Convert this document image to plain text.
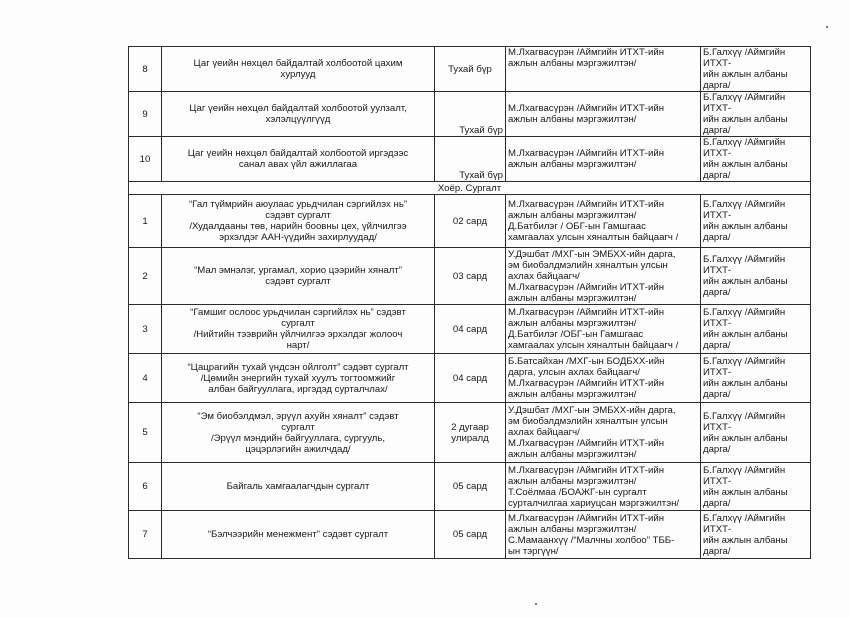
8	Цаг үеийн нөхцөл байдалтай холбоотой цахим
хурлууд	Тухай бүр	М.Лхагвасүрэн /Аймгийн ИТХТ-ийн
ажлын албаны мэргэжилтэн/	Б.Галхүү /Аймгийн ИТХТ-
ийн ажлын албаны дарга/

9	Цаг үеийн нөхцөл байдалтай холбоотой уулзалт,
хэлэлцүүлгүүд	Тухай бүр	М.Лхагвасүрэн /Аймгийн ИТХТ-ийн
ажлын албаны мэргэжилтэн/	Б.Галхүү /Аймгийн ИТХТ-
ийн ажлын албаны дарга/

10	Цаг үеийн нөхцөл байдалтай холбоотой иргэдээс
санал авах үйл ажиллагаа	Тухай бүр	М.Лхагвасүрэн /Аймгийн ИТХТ-ийн
ажлын албаны мэргэжилтэн/	Б.Галхүү /Аймгийн ИТХТ-
ийн ажлын албаны дарга/

Хоёр. Сургалт				
1	“Гал түймрийн аюулаас урьдчилан сэргийлэх нь”
сэдэвт сургалт
/Худалдааны төв, нарийн боовны цех, үйлчилгээ
эрхэлдэг ААН-үүдийн захирлуудад/	02 сард	М.Лхагвасүрэн /Аймгийн ИТХТ-ийн
ажлын албаны мэргэжилтэн/
Д.Батбилэг / ОБГ-ын Гамшгаас
хамгаалах улсын хяналтын байцаагч /	Б.Галхүү /Аймгийн ИТХТ-
ийн ажлын албаны дарга/

2	“Мал эмнэлэг, ургамал, хорио цээрийн хяналт”
сэдэвт сургалт	03 сард	У.Дэшбат /МХГ-ын ЭМБХХ-ийн дарга,
эм биобэлдмэлийн хяналтын улсын
ахлах байцаагч/
М.Лхагвасүрэн /Аймгийн ИТХТ-ийн
ажлын албаны мэргэжилтэн/	Б.Галхүү /Аймгийн ИТХТ-
ийн ажлын албаны дарга/

3	“Гамшиг ослоос урьдчилан сэргийлэх нь” сэдэвт
сургалт
/Нийтийн тээврийн үйлчилгээ эрхэлдэг жолооч
нарт/	04 сард	М.Лхагвасүрэн /Аймгийн ИТХТ-ийн
ажлын албаны мэргэжилтэн/
Д.Батбилэг /ОБГ-ын Гамшгаас
хамгаалах улсын хяналтын байцаагч /	Б.Галхүү /Аймгийн ИТХТ-
ийн ажлын албаны дарга/

4	“Цацрагийн тухай үндсэн ойлголт” сэдэвт сургалт
/Цөмийн энергийн тухай хуулъ тогтоомжийг
албан байгууллага, иргэдэд сурталчлах/	04 сард	Б.Батсайхан /МХГ-ын БОДБХХ-ийн
дарга, улсын ахлах байцаагч/
М.Лхагвасүрэн /Аймгийн ИТХТ-ийн
ажлын албаны мэргэжилтэн/	Б.Галхүү /Аймгийн ИТХТ-
ийн ажлын албаны дарга/

5	“Эм биобэлдмэл, эрүүл ахуйн хяналт” сэдэвт
сургалт
/Эрүүл мэндийн байгууллага, сургууль,
цэцэрлэгийн ажилчдад/	2 дугаар
улиралд	У.Дэшбат /МХГ-ын ЭМБХХ-ийн дарга,
эм биобэлдмэлийн хяналтын улсын
ахлах байцаагч/
М.Лхагвасүрэн /Аймгийн ИТХТ-ийн
ажлын албаны мэргэжилтэн/	Б.Галхүү /Аймгийн ИТХТ-
ийн ажлын албаны дарга/

6	Байгаль хамгаалагчдын сургалт	05 сард	М.Лхагвасүрэн /Аймгийн ИТХТ-ийн
ажлын албаны мэргэжилтэн/
Т.Соёлмаа /БОАЖГ-ын сургалт
сурталчилгаа хариуцсан мэргэжилтэн/	Б.Галхүү /Аймгийн ИТХТ-
ийн ажлын албаны дарга/

7	“Бэлчээрийн менежмент” сэдэвт сургалт	05 сард	М.Лхагвасүрэн /Аймгийн ИТХТ-ийн
ажлын албаны мэргэжилтэн/
С.Мамаанхүү /“Малчны холбоо” ТББ-
ын тэргүүн/	Б.Галхүү /Аймгийн ИТХТ-
ийн ажлын албаны дарга/
